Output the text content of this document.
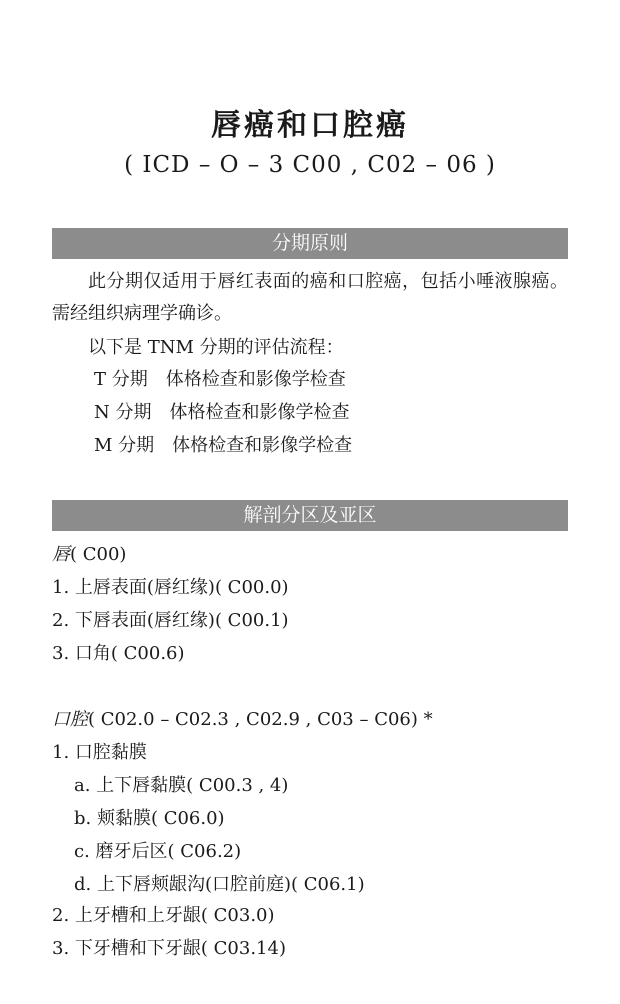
唇癌和口腔癌
( ICD – O – 3 C00 , C02 – 06 )
分期原则
此分期仅适用于唇红表面的癌和口腔癌，包括小唾液腺癌。需经组织病理学确诊。
以下是 TNM 分期的评估流程：
T 分期　体格检查和影像学检查
N 分期　体格检查和影像学检查
M 分期　体格检查和影像学检查
解剖分区及亚区
唇( C00)
1. 上唇表面(唇红缘)( C00.0)
2. 下唇表面(唇红缘)( C00.1)
3. 口角( C00.6)
口腔( C02.0 – C02.3 , C02.9 , C03 – C06) *
1. 口腔黏膜
a. 上下唇黏膜( C00.3 , 4)
b. 颊黏膜( C06.0)
c. 磨牙后区( C06.2)
d. 上下唇颊龈沟(口腔前庭)( C06.1)
2. 上牙槽和上牙龈( C03.0)
3. 下牙槽和下牙龈( C03.14)
